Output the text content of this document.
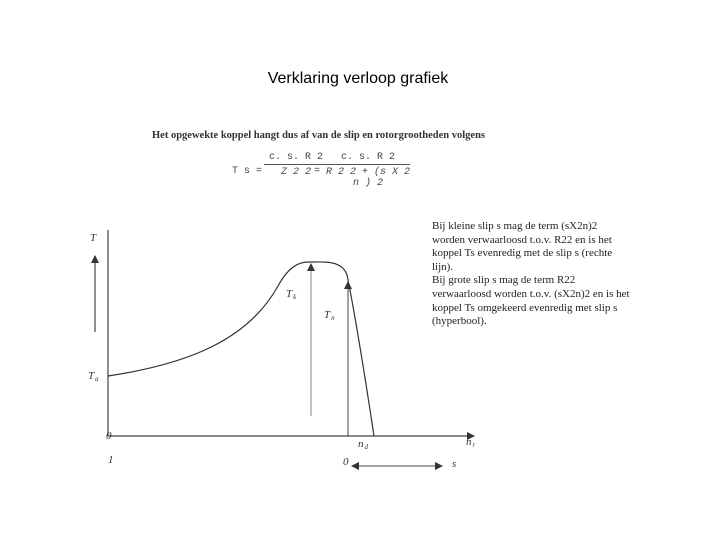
Verklaring verloop grafiek
Het opgewekte koppel hangt dus af van de slip en rotorgrootheden volgens
T $s = \frac{c. s. R 2}{Z 2 2}$
= $\frac{c. s. R 2}{\text{R 2 2 + (s X 2 n ) 2}}$

Bij kleine slip s mag de term (sX2n)2 worden verwaarloosd t.o.v. R22 en is het koppel Ts evenredig met de slip s (rechte lijn).

Bij grote slip s mag de term R22 verwaarloosd worden t.o.v. (sX2n)2 en is het koppel Ts omgekeerd evenredig met slip s (hyperbool).

T
$T_a$
$T_k$
$T_n$
0
1
$n_d$	$n_r$
0	s
